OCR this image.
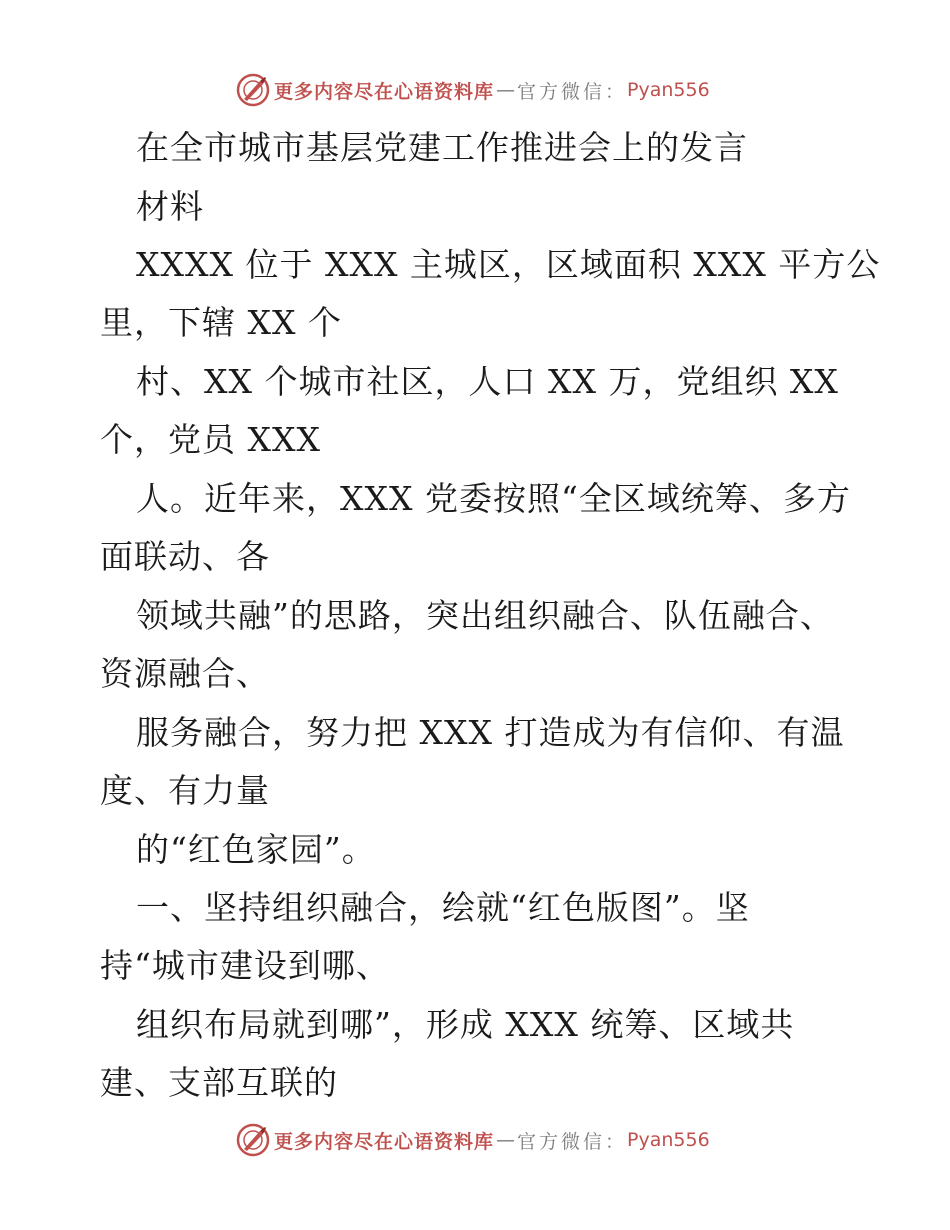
更多内容尽在心语资料库 — 官方微信： Pyan556
在全市城市基层党建工作推进会上的发言
材料
XXXX 位于 XXX 主城区，区域面积 XXX 平方公
里，下辖 XX 个
村、XX 个城市社区，人口 XX 万，党组织 XX
个，党员 XXX
人。近年来，XXX 党委按照“全区域统筹、多方
面联动、各
领域共融”的思路，突出组织融合、队伍融合、
资源融合、
服务融合，努力把 XXX 打造成为有信仰、有温
度、有力量
的“红色家园”。
一、坚持组织融合，绘就“红色版图”。坚
持“城市建设到哪、
组织布局就到哪”，形成 XXX 统筹、区域共
建、支部互联的
更多内容尽在心语资料库 — 官方微信： Pyan556
